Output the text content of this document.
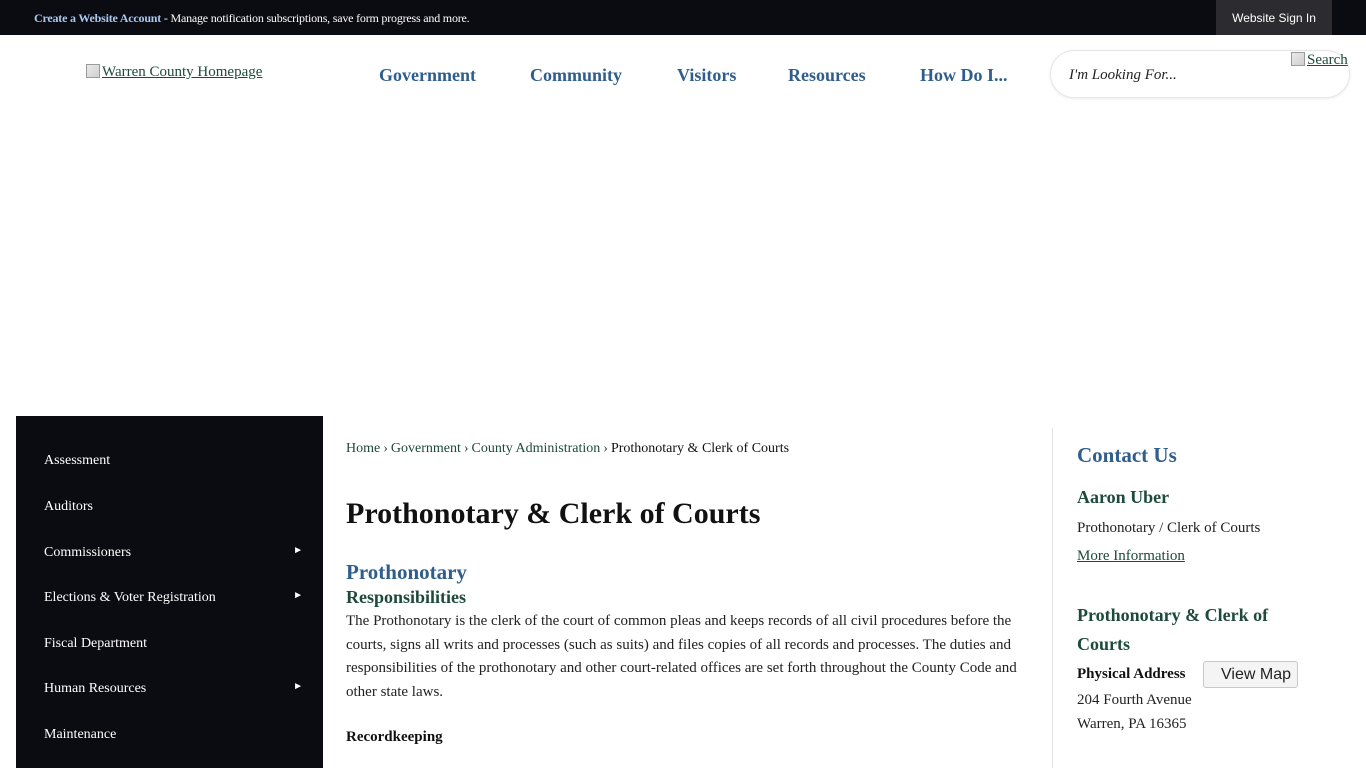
Create a Website Account - Manage notification subscriptions, save form progress and more.	Website Sign In
Warren County Homepage	Government	Community	Visitors	Resources	How Do I...
I'm Looking For...
Search
Assessment
Auditors
Commissioners	►
Elections & Voter Registration	►
Fiscal Department
Human Resources	►
Maintenance
Home › Government › County Administration › Prothonotary & Clerk of Courts
Prothonotary & Clerk of Courts
Prothonotary
Responsibilities

The Prothonotary is the clerk of the court of common pleas and keeps records of all civil procedures before the courts, signs all writs and processes (such as suits) and files copies of all records and processes. The duties and responsibilities of the prothonotary and other court-related offices are set forth throughout the County Code and other state laws.

Recordkeeping
Contact Us
Aaron Uber
Prothonotary / Clerk of Courts
More Information
Prothonotary & Clerk of Courts
Physical Address	View Map
204 Fourth Avenue
Warren, PA 16365
